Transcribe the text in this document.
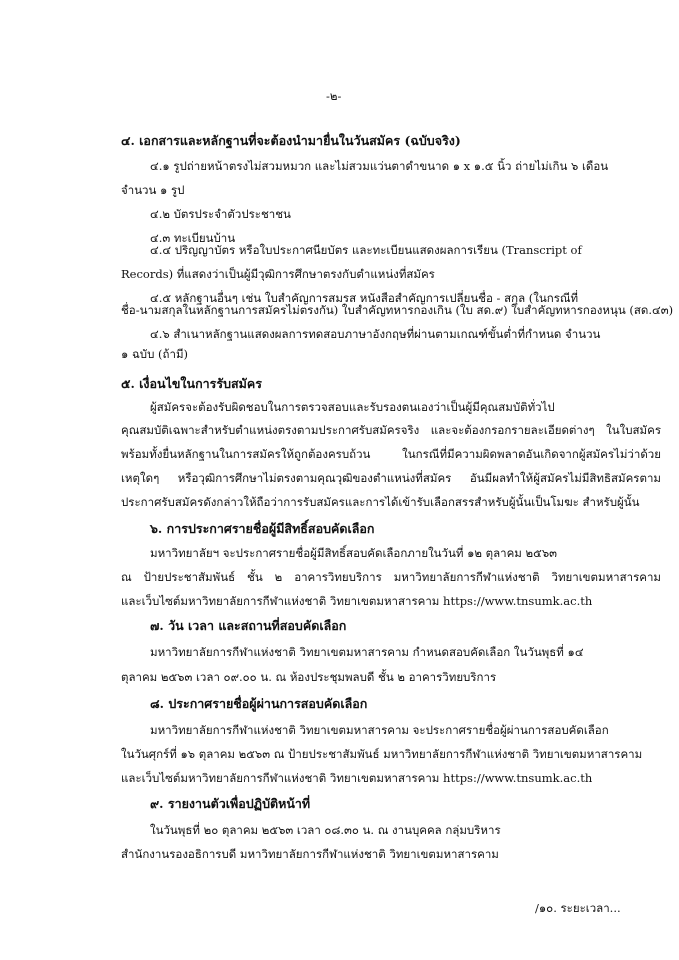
-๒-
๔. เอกสารและหลักฐานที่จะต้องนำมายื่นในวันสมัคร (ฉบับจริง)
๔.๑ รูปถ่ายหน้าตรงไม่สวมหมวก และไม่สวมแว่นตาดำขนาด ๑ x ๑.๕ นิ้ว ถ่ายไม่เกิน ๖ เดือน
จำนวน ๑ รูป
๔.๒ บัตรประจำตัวประชาชน
๔.๓ ทะเบียนบ้าน
๔.๔ ปริญญาบัตร หรือใบประกาศนียบัตร และทะเบียนแสดงผลการเรียน (Transcript of
Records) ที่แสดงว่าเป็นผู้มีวุฒิการศึกษาตรงกับตำแหน่งที่สมัคร
๔.๕ หลักฐานอื่นๆ เช่น ใบสำคัญการสมรส หนังสือสำคัญการเปลี่ยนชื่อ - สกุล (ในกรณีที่
ชื่อ-นามสกุลในหลักฐานการสมัครไม่ตรงกัน) ใบสำคัญทหารกองเกิน (ใบ สด.๙) ใบสำคัญทหารกองหนุน (สด.๔๓)
๔.๖ สำเนาหลักฐานแสดงผลการทดสอบภาษาอังกฤษที่ผ่านตามเกณฑ์ขั้นต่ำที่กำหนด จำนวน
๑ ฉบับ (ถ้ามี)
๕. เงื่อนไขในการรับสมัคร
ผู้สมัครจะต้องรับผิดชอบในการตรวจสอบและรับรองตนเองว่าเป็นผู้มีคุณสมบัติทั่วไป
คุณสมบัติเฉพาะสำหรับตำแหน่งตรงตามประกาศรับสมัครจริง และจะต้องกรอกรายละเอียดต่างๆ ในใบสมัคร
พร้อมทั้งยื่นหลักฐานในการสมัครให้ถูกต้องครบถ้วน ในกรณีที่มีความผิดพลาดอันเกิดจากผู้สมัครไม่ว่าด้วย
เหตุใดๆ หรือวุฒิการศึกษาไม่ตรงตามคุณวุฒิของตำแหน่งที่สมัคร อันมีผลทำให้ผู้สมัครไม่มีสิทธิสมัครตาม
ประกาศรับสมัครดังกล่าวให้ถือว่าการรับสมัครและการได้เข้ารับเลือกสรรสำหรับผู้นั้นเป็นโมฆะ สำหรับผู้นั้น
๖. การประกาศรายชื่อผู้มีสิทธิ์สอบคัดเลือก
มหาวิทยาลัยฯ จะประกาศรายชื่อผู้มีสิทธิ์สอบคัดเลือกภายในวันที่ ๑๒ ตุลาคม ๒๕๖๓
ณ ป้ายประชาสัมพันธ์ ชั้น ๒ อาคารวิทยบริการ มหาวิทยาลัยการกีฬาแห่งชาติ วิทยาเขตมหาสารคาม
และเว็บไซต์มหาวิทยาลัยการกีฬาแห่งชาติ วิทยาเขตมหาสารคาม https://www.tnsumk.ac.th
๗. วัน เวลา และสถานที่สอบคัดเลือก
มหาวิทยาลัยการกีฬาแห่งชาติ วิทยาเขตมหาสารคาม กำหนดสอบคัดเลือก ในวันพุธที่ ๑๔
ตุลาคม ๒๕๖๓ เวลา ๐๙.๐๐ น. ณ ห้องประชุมพลบดี ชั้น ๒ อาคารวิทยบริการ
๘. ประกาศรายชื่อผู้ผ่านการสอบคัดเลือก
มหาวิทยาลัยการกีฬาแห่งชาติ วิทยาเขตมหาสารคาม จะประกาศรายชื่อผู้ผ่านการสอบคัดเลือก
ในวันศุกร์ที่ ๑๖ ตุลาคม ๒๕๖๓ ณ ป้ายประชาสัมพันธ์ มหาวิทยาลัยการกีฬาแห่งชาติ วิทยาเขตมหาสารคาม
และเว็บไซต์มหาวิทยาลัยการกีฬาแห่งชาติ วิทยาเขตมหาสารคาม https://www.tnsumk.ac.th
๙. รายงานตัวเพื่อปฏิบัติหน้าที่
ในวันพุธที่ ๒๐ ตุลาคม ๒๕๖๓ เวลา ๐๘.๓๐ น. ณ งานบุคคล กลุ่มบริหาร
สำนักงานรองอธิการบดี มหาวิทยาลัยการกีฬาแห่งชาติ วิทยาเขตมหาสารคาม
/๑๐. ระยะเวลา...
